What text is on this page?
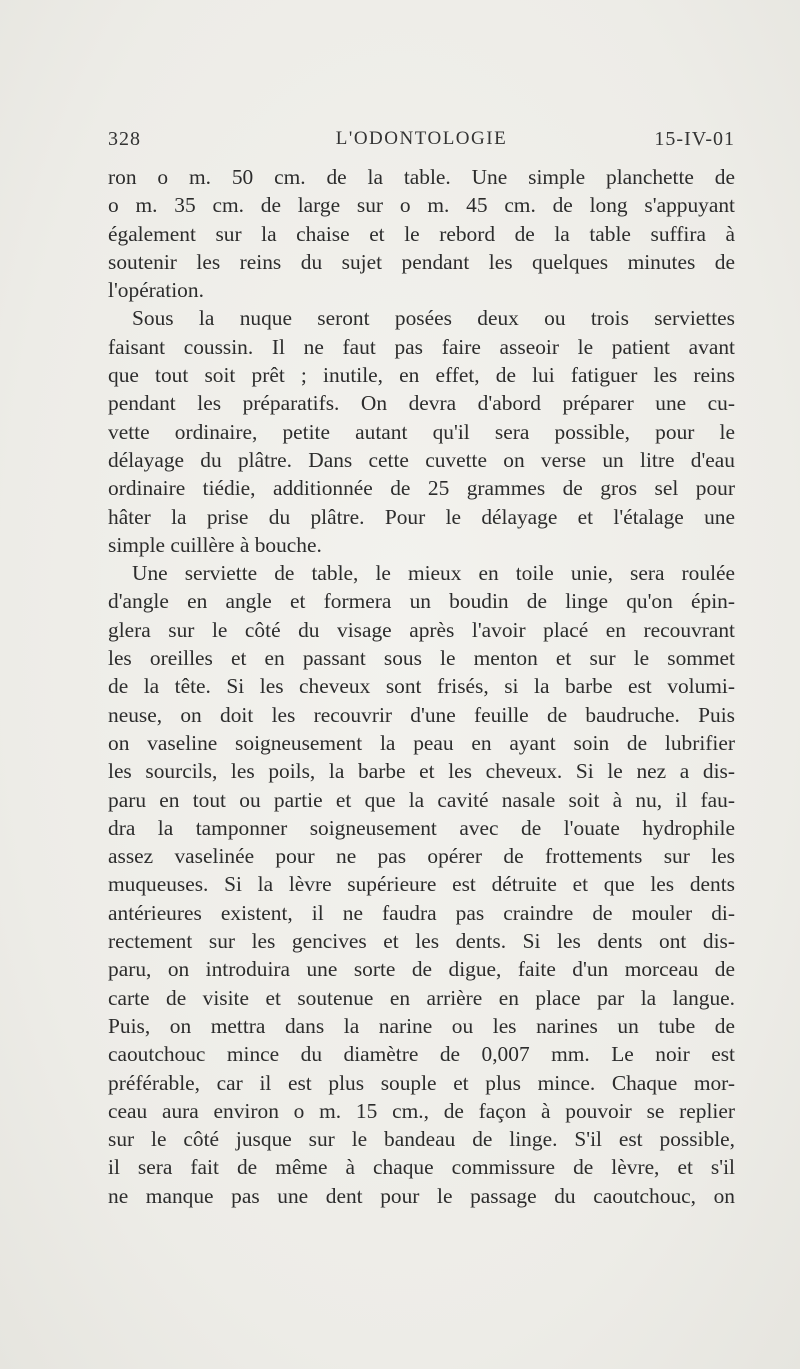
328	L'ODONTOLOGIE	15-IV-01
ron o m. 50 cm. de la table. Une simple planchette de
o m. 35 cm. de large sur o m. 45 cm. de long s'appuyant
également sur la chaise et le rebord de la table suffira à
soutenir les reins du sujet pendant les quelques minutes de
l'opération.
Sous la nuque seront posées deux ou trois serviettes
faisant coussin. Il ne faut pas faire asseoir le patient avant
que tout soit prêt ; inutile, en effet, de lui fatiguer les reins
pendant les préparatifs. On devra d'abord préparer une cu-
vette ordinaire, petite autant qu'il sera possible, pour le
délayage du plâtre. Dans cette cuvette on verse un litre d'eau
ordinaire tiédie, additionnée de 25 grammes de gros sel pour
hâter la prise du plâtre. Pour le délayage et l'étalage une
simple cuillère à bouche.
Une serviette de table, le mieux en toile unie, sera roulée
d'angle en angle et formera un boudin de linge qu'on épin-
glera sur le côté du visage après l'avoir placé en recouvrant
les oreilles et en passant sous le menton et sur le sommet
de la tête. Si les cheveux sont frisés, si la barbe est volumi-
neuse, on doit les recouvrir d'une feuille de baudruche. Puis
on vaseline soigneusement la peau en ayant soin de lubrifier
les sourcils, les poils, la barbe et les cheveux. Si le nez a dis-
paru en tout ou partie et que la cavité nasale soit à nu, il fau-
dra la tamponner soigneusement avec de l'ouate hydrophile
assez vaselinée pour ne pas opérer de frottements sur les
muqueuses. Si la lèvre supérieure est détruite et que les dents
antérieures existent, il ne faudra pas craindre de mouler di-
rectement sur les gencives et les dents. Si les dents ont dis-
paru, on introduira une sorte de digue, faite d'un morceau de
carte de visite et soutenue en arrière en place par la langue.
Puis, on mettra dans la narine ou les narines un tube de
caoutchouc mince du diamètre de 0,007 mm. Le noir est
préférable, car il est plus souple et plus mince. Chaque mor-
ceau aura environ o m. 15 cm., de façon à pouvoir se replier
sur le côté jusque sur le bandeau de linge. S'il est possible,
il sera fait de même à chaque commissure de lèvre, et s'il
ne manque pas une dent pour le passage du caoutchouc, on
